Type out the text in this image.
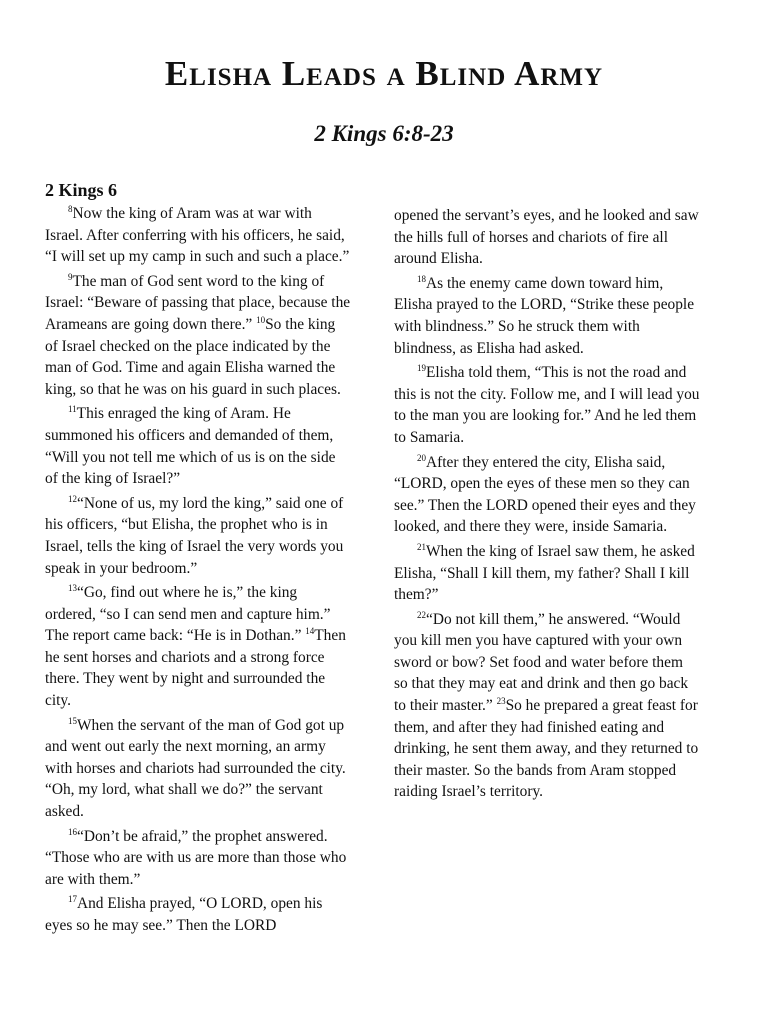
Elisha Leads a Blind Army
2 Kings 6:8-23
2 Kings 6

$^8$Now the king of Aram was at war with Israel. After conferring with his officers, he said, “I will set up my camp in such and such a place.”

$^9$The man of God sent word to the king of Israel: “Beware of passing that place, because the Arameans are going down there.” $^{10}$So the king of Israel checked on the place indicated by the man of God. Time and again Elisha warned the king, so that he was on his guard in such places.

$^{11}$This enraged the king of Aram. He summoned his officers and demanded of them, “Will you not tell me which of us is on the side of the king of Israel?”

$^{12}$“None of us, my lord the king,” said one of his officers, “but Elisha, the prophet who is in Israel, tells the king of Israel the very words you speak in your bedroom.”

$^{13}$“Go, find out where he is,” the king ordered, “so I can send men and capture him.” The report came back: “He is in Dothan.” $^{14}$Then he sent horses and chariots and a strong force there. They went by night and surrounded the city.

$^{15}$When the servant of the man of God got up and went out early the next morning, an army with horses and chariots had surrounded the city. “Oh, my lord, what shall we do?” the servant asked.

$^{16}$“Don’t be afraid,” the prophet answered. “Those who are with us are more than those who are with them.”

$^{17}$And Elisha prayed, “O LORD, open his eyes so he may see.” Then the LORD

opened the servant’s eyes, and he looked and saw the hills full of horses and chariots of fire all around Elisha.

$^{18}$As the enemy came down toward him, Elisha prayed to the LORD, “Strike these people with blindness.” So he struck them with blindness, as Elisha had asked.

$^{19}$Elisha told them, “This is not the road and this is not the city. Follow me, and I will lead you to the man you are looking for.” And he led them to Samaria.

$^{20}$After they entered the city, Elisha said, “LORD, open the eyes of these men so they can see.” Then the LORD opened their eyes and they looked, and there they were, inside Samaria.

$^{21}$When the king of Israel saw them, he asked Elisha, “Shall I kill them, my father? Shall I kill them?”

$^{22}$“Do not kill them,” he answered. “Would you kill men you have captured with your own sword or bow? Set food and water before them so that they may eat and drink and then go back to their master.” $^{23}$So he prepared a great feast for them, and after they had finished eating and drinking, he sent them away, and they returned to their master. So the bands from Aram stopped raiding Israel’s territory.
